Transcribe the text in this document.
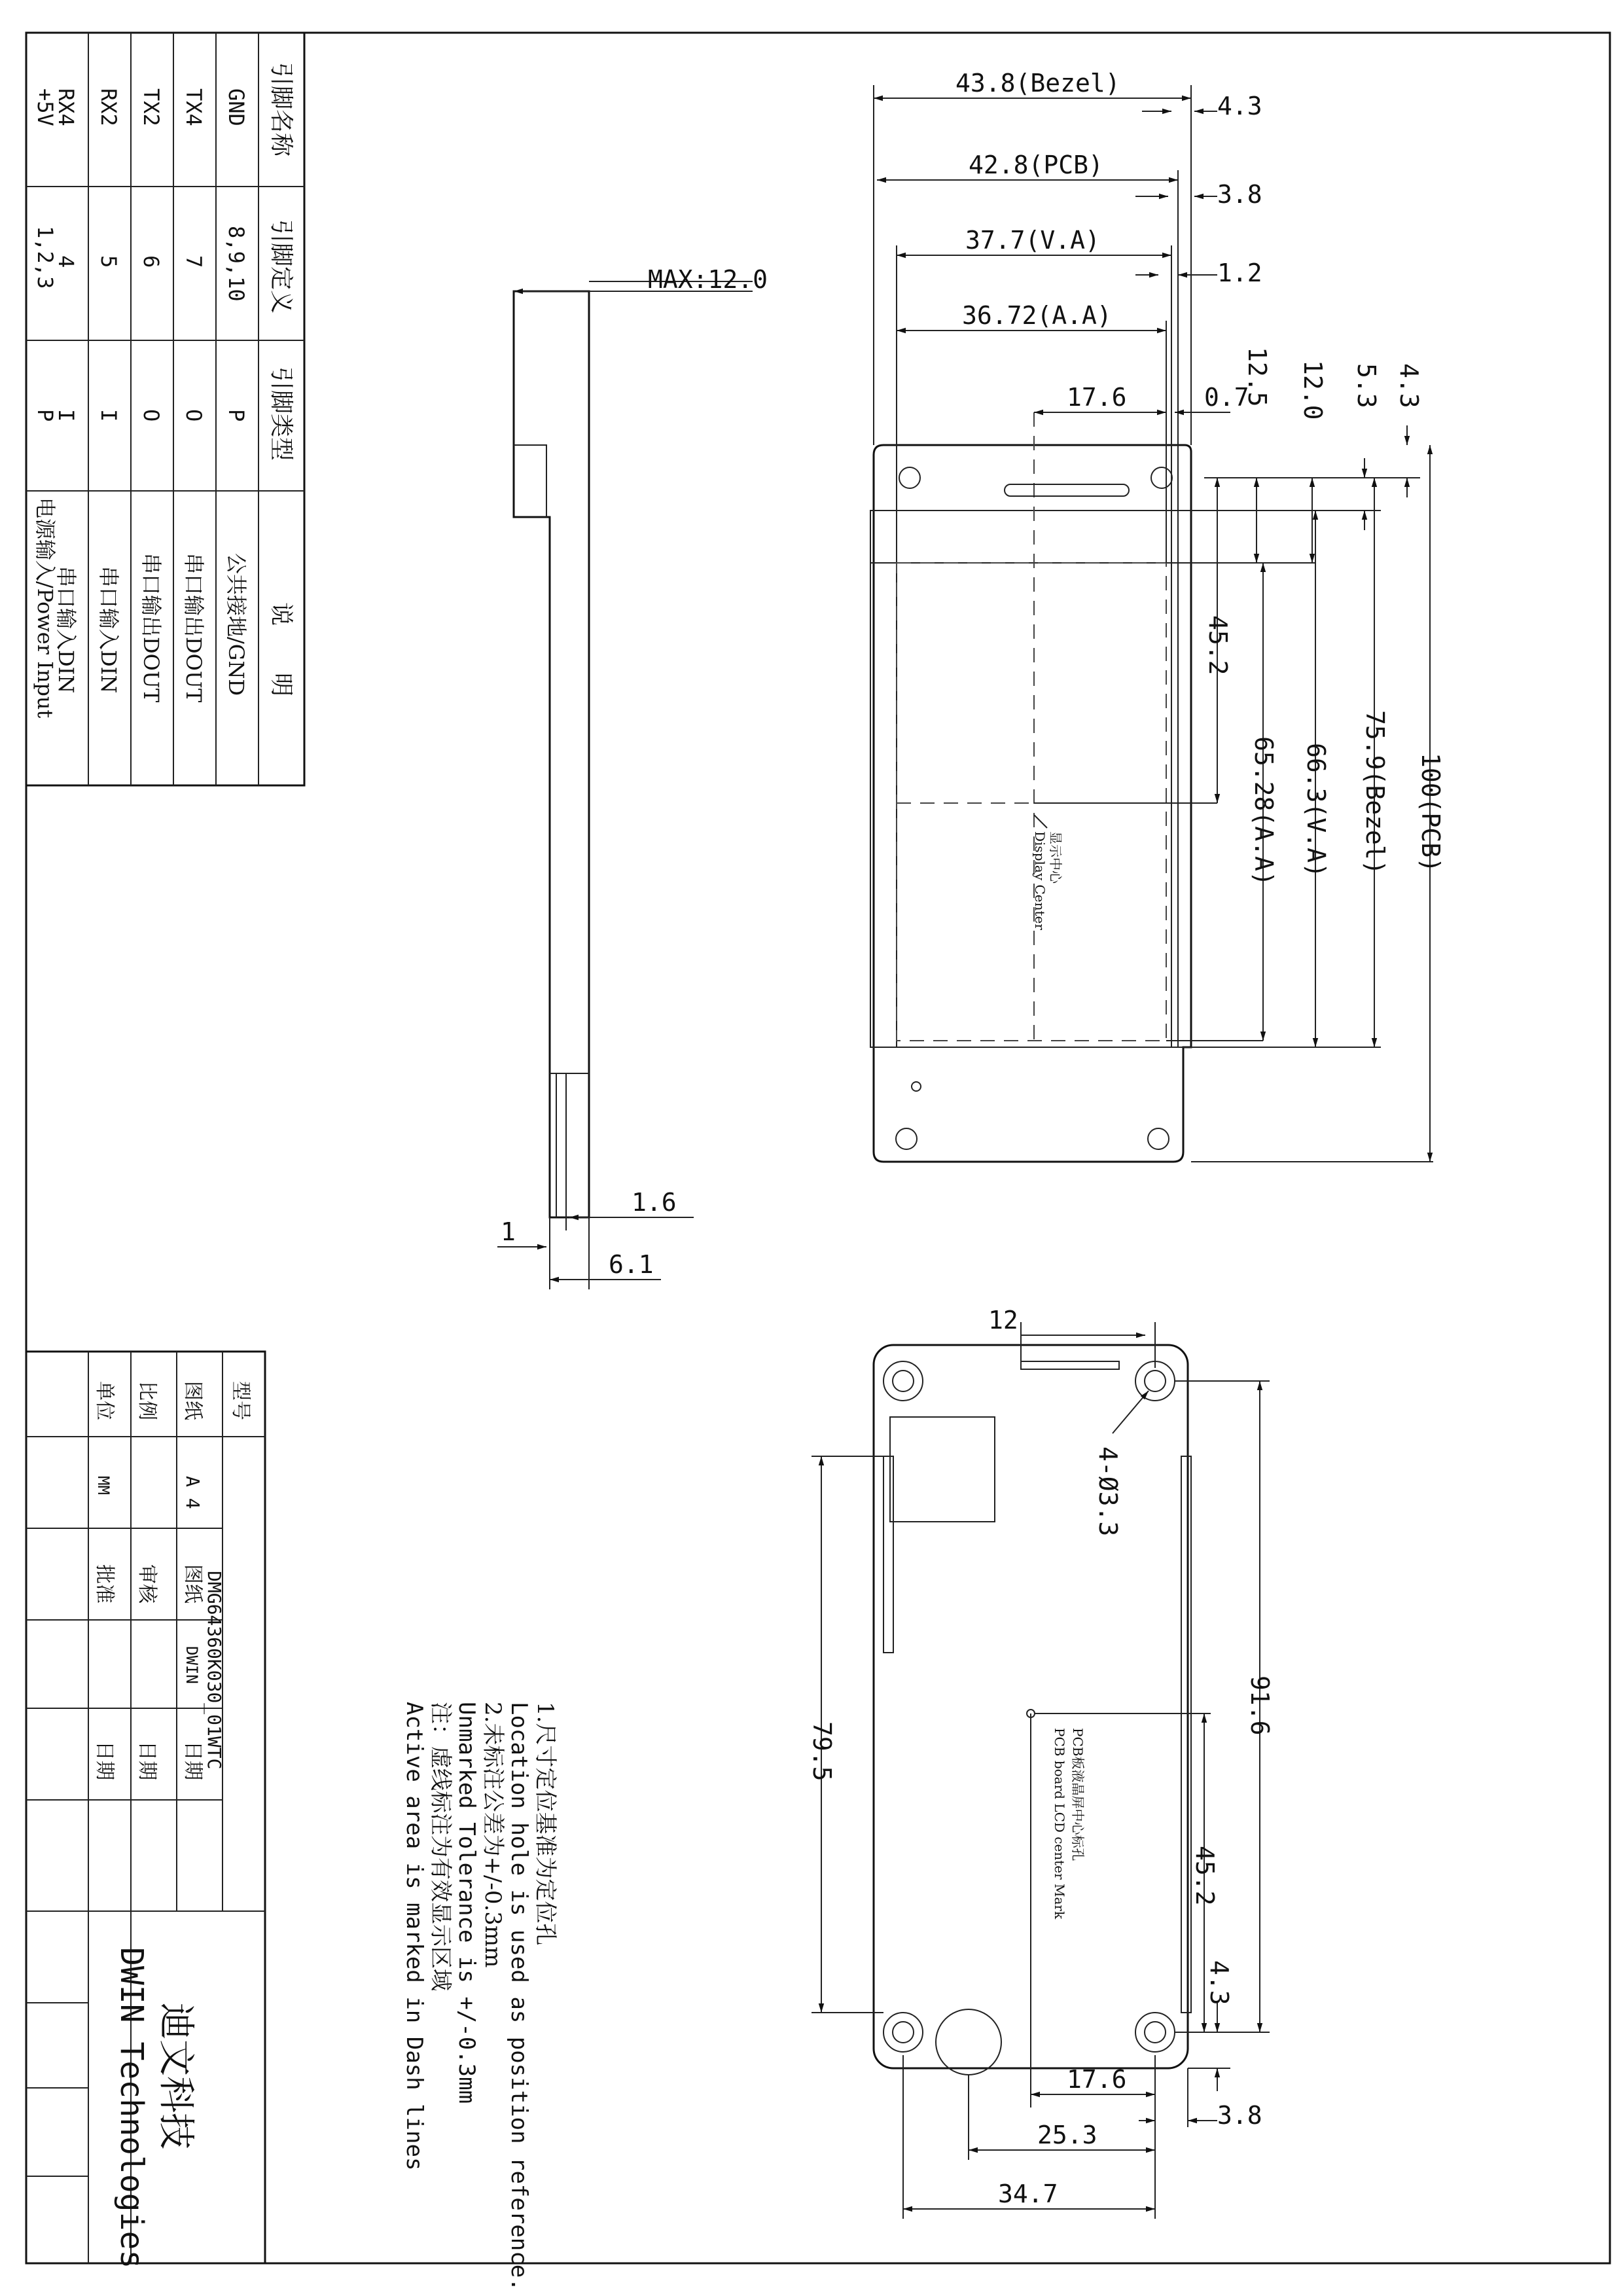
引脚名称
引脚定义
引脚类型
说　　明
GND
8,9,10
P
公共接地/GND
TX4
7
O
串口输出DOUT
TX2
6
O
串口输出DOUT
RX2
5
I
串口输入DIN
RX4
4
I
串口输入DIN
+5V
1,2,3
P
电源输入/Power Input
MAX:12.0
1.6
1
6.1
显示中心
Display Center
43.8(Bezel)
4.3
42.8(PCB)
3.8
37.7(V.A)
1.2
36.72(A.A)
17.6	0.7
12.5 12.0 5.3 4.3
45.2
65.28(A.A) 66.3(V.A) 75.9(Bezel) 100(PCB)
PCB板液晶屏中心标孔
PCB board LCD center Mark
12
4-Ø3.3
91.6
79.5
45.2
4.3
17.6
3.8
25.3
34.7
1.尺寸定位基准为定位孔
Location hole is used as position reference.
2.未标注公差为+/-0.3mm
Unmarked Tolerance is +/-0.3mm
注：虚线标注为有效显示区域
Active area is marked in Dash lines
型号
DMG64360K030_01WTC
图纸
A 4
比例
单位
MM
图纸
DWIN
审核
批准
日期
日期
日期
迪文科技
DWIN Technologies
